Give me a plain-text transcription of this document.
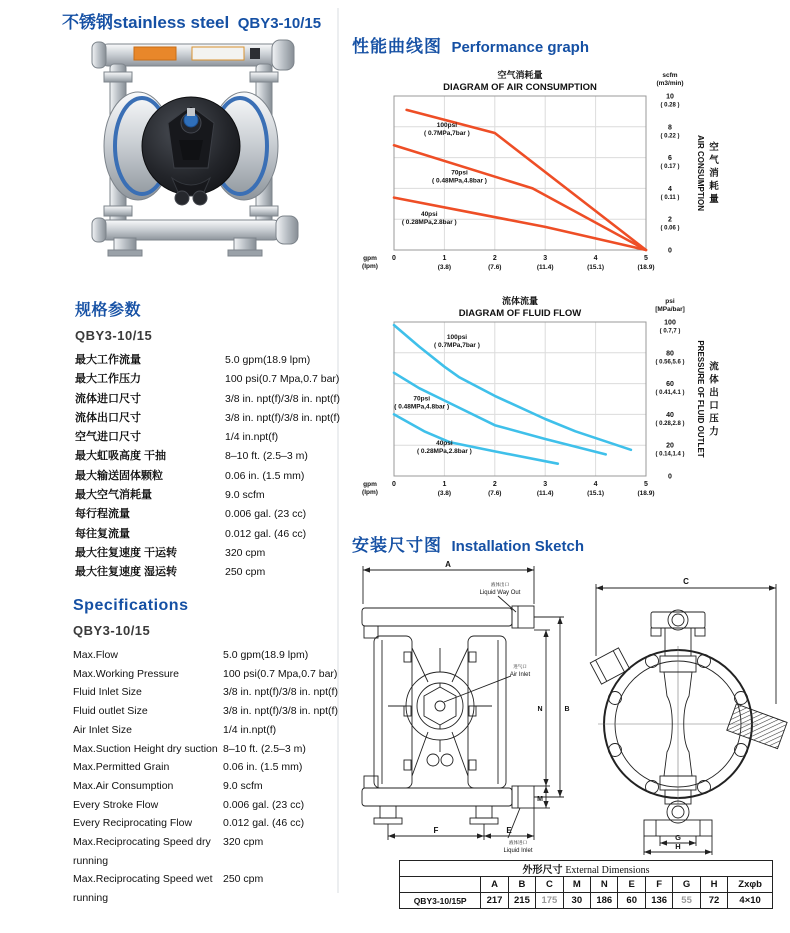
不锈钢stainless steel QBY3-10/15
规格参数
QBY3-10/15
最大工作流量	5.0 gpm(18.9 lpm)
最大工作压力	100 psi(0.7 Mpa,0.7 bar)
流体进口尺寸	3/8 in. npt(f)/3/8 in. npt(f)
流体出口尺寸	3/8 in. npt(f)/3/8 in. npt(f)
空气进口尺寸	1/4 in.npt(f)
最大虹吸高度 干抽	8–10 ft. (2.5–3 m)
最大输送固体颗粒	0.06 in. (1.5 mm)
最大空气消耗量	9.0 scfm
每行程流量	0.006 gal. (23 cc)
每往复流量	0.012 gal. (46 cc)
最大往复速度 干运转	320 cpm
最大往复速度 湿运转	250 cpm
Specifications
QBY3-10/15
Max.Flow	5.0 gpm(18.9 lpm)
Max.Working Pressure	100 psi(0.7 Mpa,0.7 bar)
Fluid Inlet Size	3/8 in. npt(f)/3/8 in. npt(f)
Fluid outlet Size	3/8 in. npt(f)/3/8 in. npt(f)
Air Inlet Size	1/4 in.npt(f)
Max.Suction Height dry suction 8–10 ft. (2.5–3 m)
Max.Permitted Grain	0.06 in. (1.5 mm)
Max.Air Consumption	9.0 scfm
Every Stroke Flow	0.006 gal. (23 cc)
Every Reciprocating Flow	0.012 gal. (46 cc)
Max.Reciprocating Speed dry running
320 cpm
Max.Reciprocating Speed wet running
250 cpm
性能曲线图 Performance graph
空气消耗量
DIAGRAM OF AIR CONSUMPTION
100psi
( 0.7MPa,7bar )
70psi
( 0.48MPa,4.8bar )
40psi
( 0.28MPa,2.8bar )
0	1
(3.8)
2
(7.6)
3
(11.4)
4
(15.1)
5
(18.9)
gpm
(lpm)
10
( 0.28 )
8
( 0.22 )
6
( 0.17 )
4
( 0.11 )
2
( 0.06 )
0
scfm
(m3/min)
AIR CONSUMPTION 空
气
消
耗
量
流体流量
DIAGRAM OF FLUID FLOW
100psi
( 0.7MPa,7bar )
70psi
( 0.48MPa,4.8bar )
40psi
( 0.28MPa,2.8bar )
0	1
(3.8)
2
(7.6)
3
(11.4)
4
(15.1)
5
(18.9)
gpm
(lpm)
100
( 0.7,7 )
80
( 0.56,5.6 )
60
( 0.41,4.1 )
40
( 0.28,2.8 )
20
( 0.14,1.4 )
0
psi
[MPa/bar]
PRESSURE OF FLUID OUTLET 流
体
出
口
压
力
安装尺寸图 Installation Sketch
A
F	E
N	B
M
C
G
H
液体出口
Liquid Way Out
进气口
Air Inlet
液体进口
Liquid Inlet
外形尺寸 External Dimensions										
	A	B	C	M	N	E	F	G	H	Zxφb
QBY3-10/15P	217	215	175	30	186	60	136	55	72	4×10
